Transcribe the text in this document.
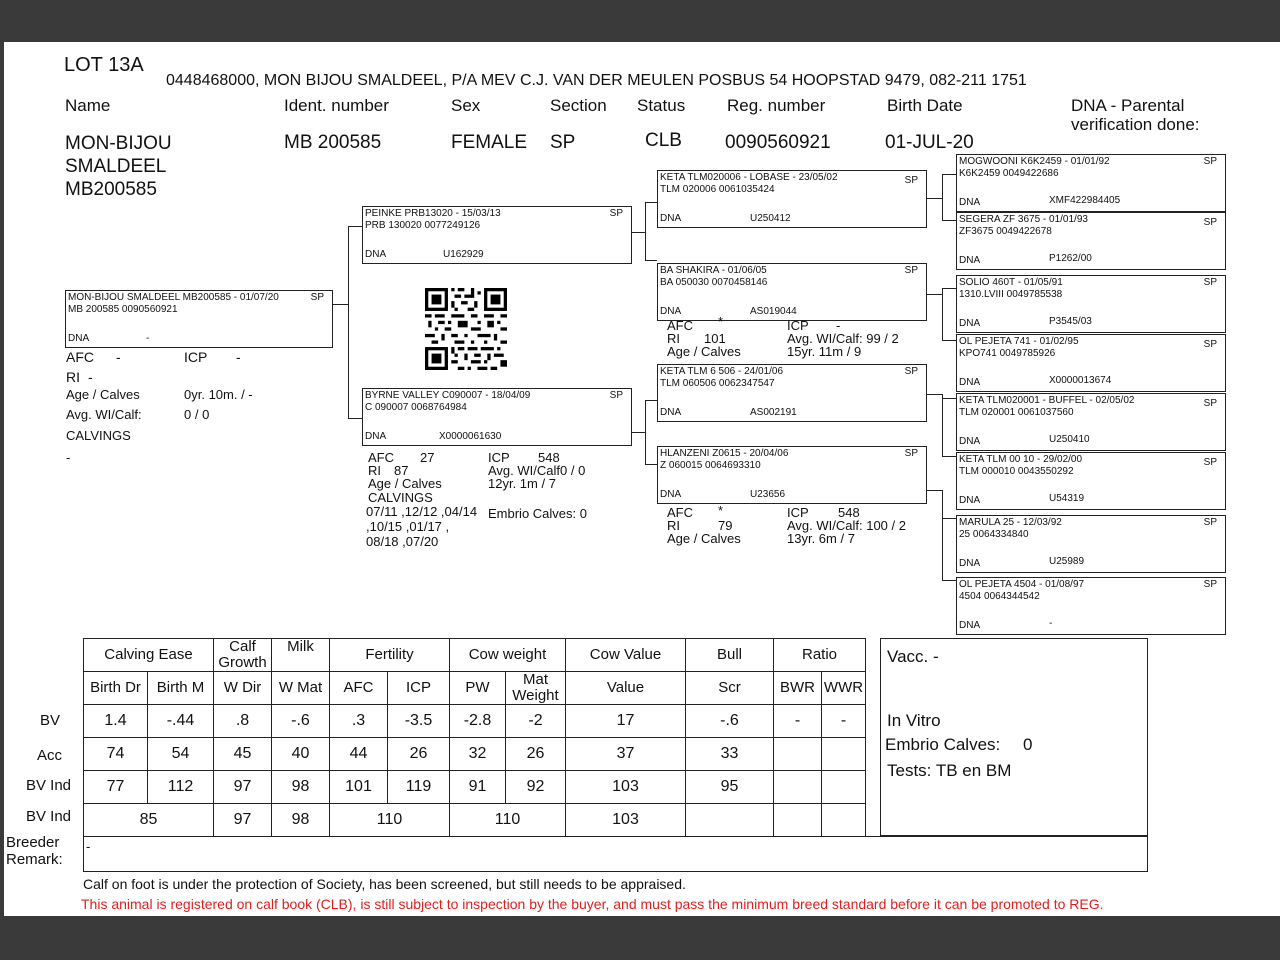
LOT 13A
0448468000, MON BIJOU SMALDEEL, P/A MEV C.J. VAN DER MEULEN POSBUS 54 HOOPSTAD 9479, 082-211 1751
Name	Ident. number	Sex	Section Status Reg. number	Birth Date	DNA - Parental verification done:
MON-BIJOU
SMALDEEL
MB200585
MB 200585	FEMALE SP	CLB 0090560921	01-JUL-20
MON-BIJOU SMALDEEL MB200585 - 01/07/20
MB 200585 0090560921
SP
DNA	-
AFC -	ICP -
RI -
Age / Calves	0yr. 10m. / -
Avg. WI/Calf:	0 / 0
CALVINGS
-
PEINKE PRB13020 - 15/03/13
PRB 130020 0077249126
SP
DNA	U162929
BYRNE VALLEY C090007 - 18/04/09
C 090007 0068764984
SP
DNA	X0000061630
AFC 27	ICP 548
RI 87	Avg. WI/Calf0 / 0
Age / Calves	12yr. 1m / 7
CALVINGS
07/11 ,12/12 ,04/14
,10/15 ,01/17 ,
08/18 ,07/20
Embrio Calves: 0
KETA TLM020006 - LOBASE - 23/05/02
TLM 020006 0061035424
SP
DNA	U250412
BA SHAKIRA - 01/06/05
BA 050030 0070458146
SP
DNA	AS019044
AFC *	ICP -
RI 101	Avg. WI/Calf: 99 / 2
Age / Calves	15yr. 11m / 9
KETA TLM 6 506 - 24/01/06
TLM 060506 0062347547
SP
DNA	AS002191
HLANZENI Z0615 - 20/04/06
Z 060015 0064693310
SP
DNA	U23656
AFC *	ICP 548
RI	79	Avg. WI/Calf: 100 / 2
Age / Calves	13yr. 6m / 7
MOGWOONI K6K2459 - 01/01/92
K6K2459 0049422686
SP
DNA	XMF422984405
SEGERA ZF 3675 - 01/01/93
ZF3675 0049422678
SP
DNA	P1262/00
SOLIO 460T - 01/05/91
1310.LVIII 0049785538
SP
DNA	P3545/03
OL PEJETA 741 - 01/02/95
KPO741 0049785926
SP
DNA	X0000013674
KETA TLM020001 - BUFFEL - 02/05/02
TLM 020001 0061037560
SP
DNA	U250410
KETA TLM 00 10 - 29/02/00
TLM 000010 0043550292
SP
DNA	U54319
MARULA 25 - 12/03/92
25 0064334840
SP
DNA	U25989
OL PEJETA 4504 - 01/08/97
4504 0064344542
SP
DNA	-
BV
Acc
BV Ind
BV Ind
Calving Ease		Calf Growth	Milk	Fertility		Cow weight		Cow Value	Bull	Ratio	
Birth Dr	Birth M	W Dir	W Mat	AFC	ICP	PW	Mat Weight	Value	Scr	BWR	WWR
1.4	-.44	.8	-.6	.3	-3.5	-2.8	-2	17	-.6	-	-
74	54	45	40	44	26	32	26	37	33		
77	112	97	98	101	119	91	92	103	95		
85		97	98	110		110		103			
Vacc. -
In Vitro
Embrio Calves: 0
Tests: TB en BM
Breeder
Remark:
-
Calf on foot is under the protection of Society, has been screened, but still needs to be appraised.
This animal is registered on calf book (CLB), is still subject to inspection by the buyer, and must pass the minimum breed standard before it can be promoted to REG.
